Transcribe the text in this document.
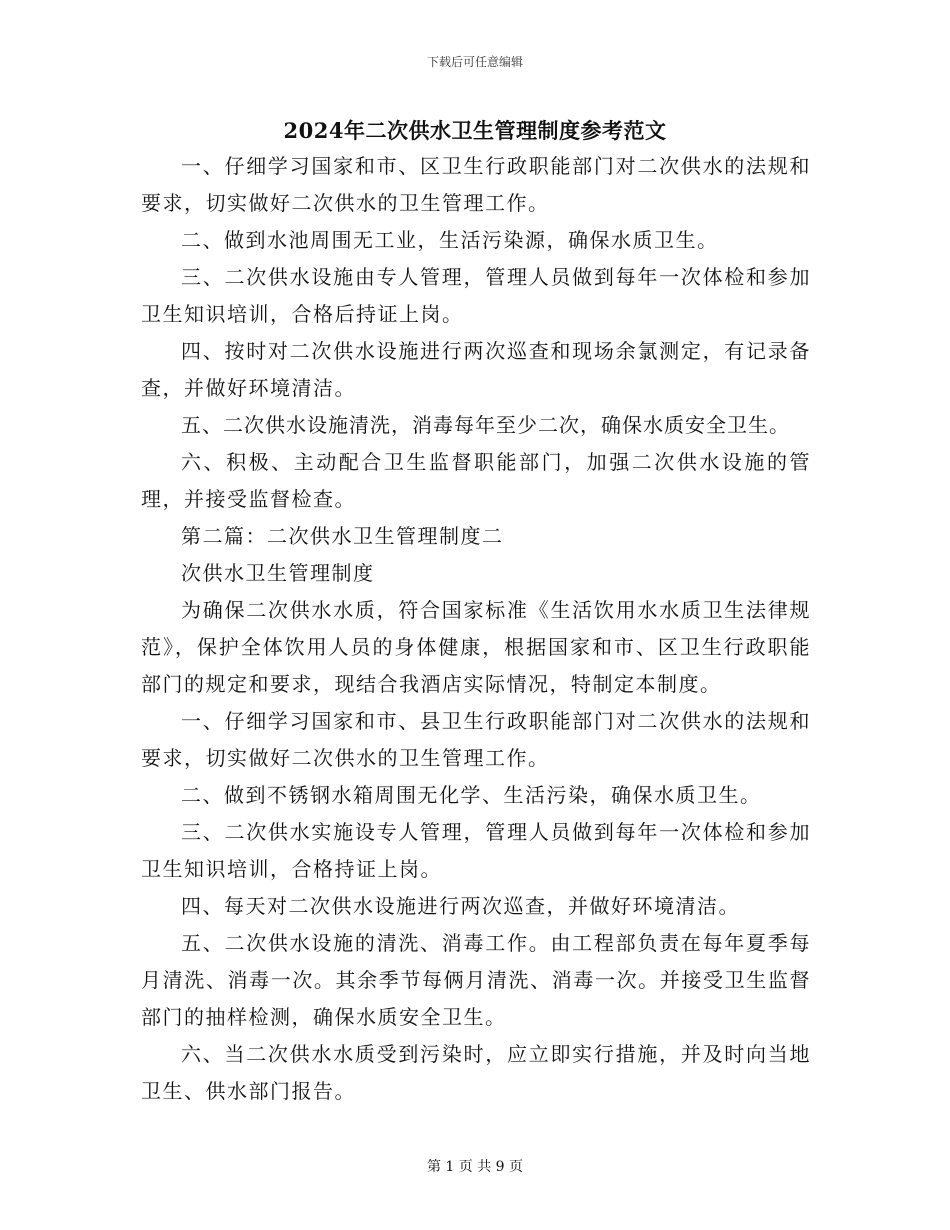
下载后可任意编辑
2024年二次供水卫生管理制度参考范文

一、仔细学习国家和市、区卫生行政职能部门对二次供水的法规和要求，切实做好二次供水的卫生管理工作。

二、做到水池周围无工业，生活污染源，确保水质卫生。

三、二次供水设施由专人管理，管理人员做到每年一次体检和参加卫生知识培训，合格后持证上岗。

四、按时对二次供水设施进行两次巡查和现场余氯测定，有记录备查，并做好环境清洁。

五、二次供水设施清洗，消毒每年至少二次，确保水质安全卫生。

六、积极、主动配合卫生监督职能部门，加强二次供水设施的管理，并接受监督检查。

第二篇：二次供水卫生管理制度二

次供水卫生管理制度

为确保二次供水水质，符合国家标准《生活饮用水水质卫生法律规范》，保护全体饮用人员的身体健康，根据国家和市、区卫生行政职能部门的规定和要求，现结合我酒店实际情况，特制定本制度。

一、仔细学习国家和市、县卫生行政职能部门对二次供水的法规和要求，切实做好二次供水的卫生管理工作。

二、做到不锈钢水箱周围无化学、生活污染，确保水质卫生。

三、二次供水实施设专人管理，管理人员做到每年一次体检和参加卫生知识培训，合格持证上岗。

四、每天对二次供水设施进行两次巡查，并做好环境清洁。

五、二次供水设施的清洗、消毒工作。由工程部负责在每年夏季每月清洗、消毒一次。其余季节每俩月清洗、消毒一次。并接受卫生监督部门的抽样检测，确保水质安全卫生。

六、当二次供水水质受到污染时，应立即实行措施，并及时向当地卫生、供水部门报告。

第 1 页 共 9 页
